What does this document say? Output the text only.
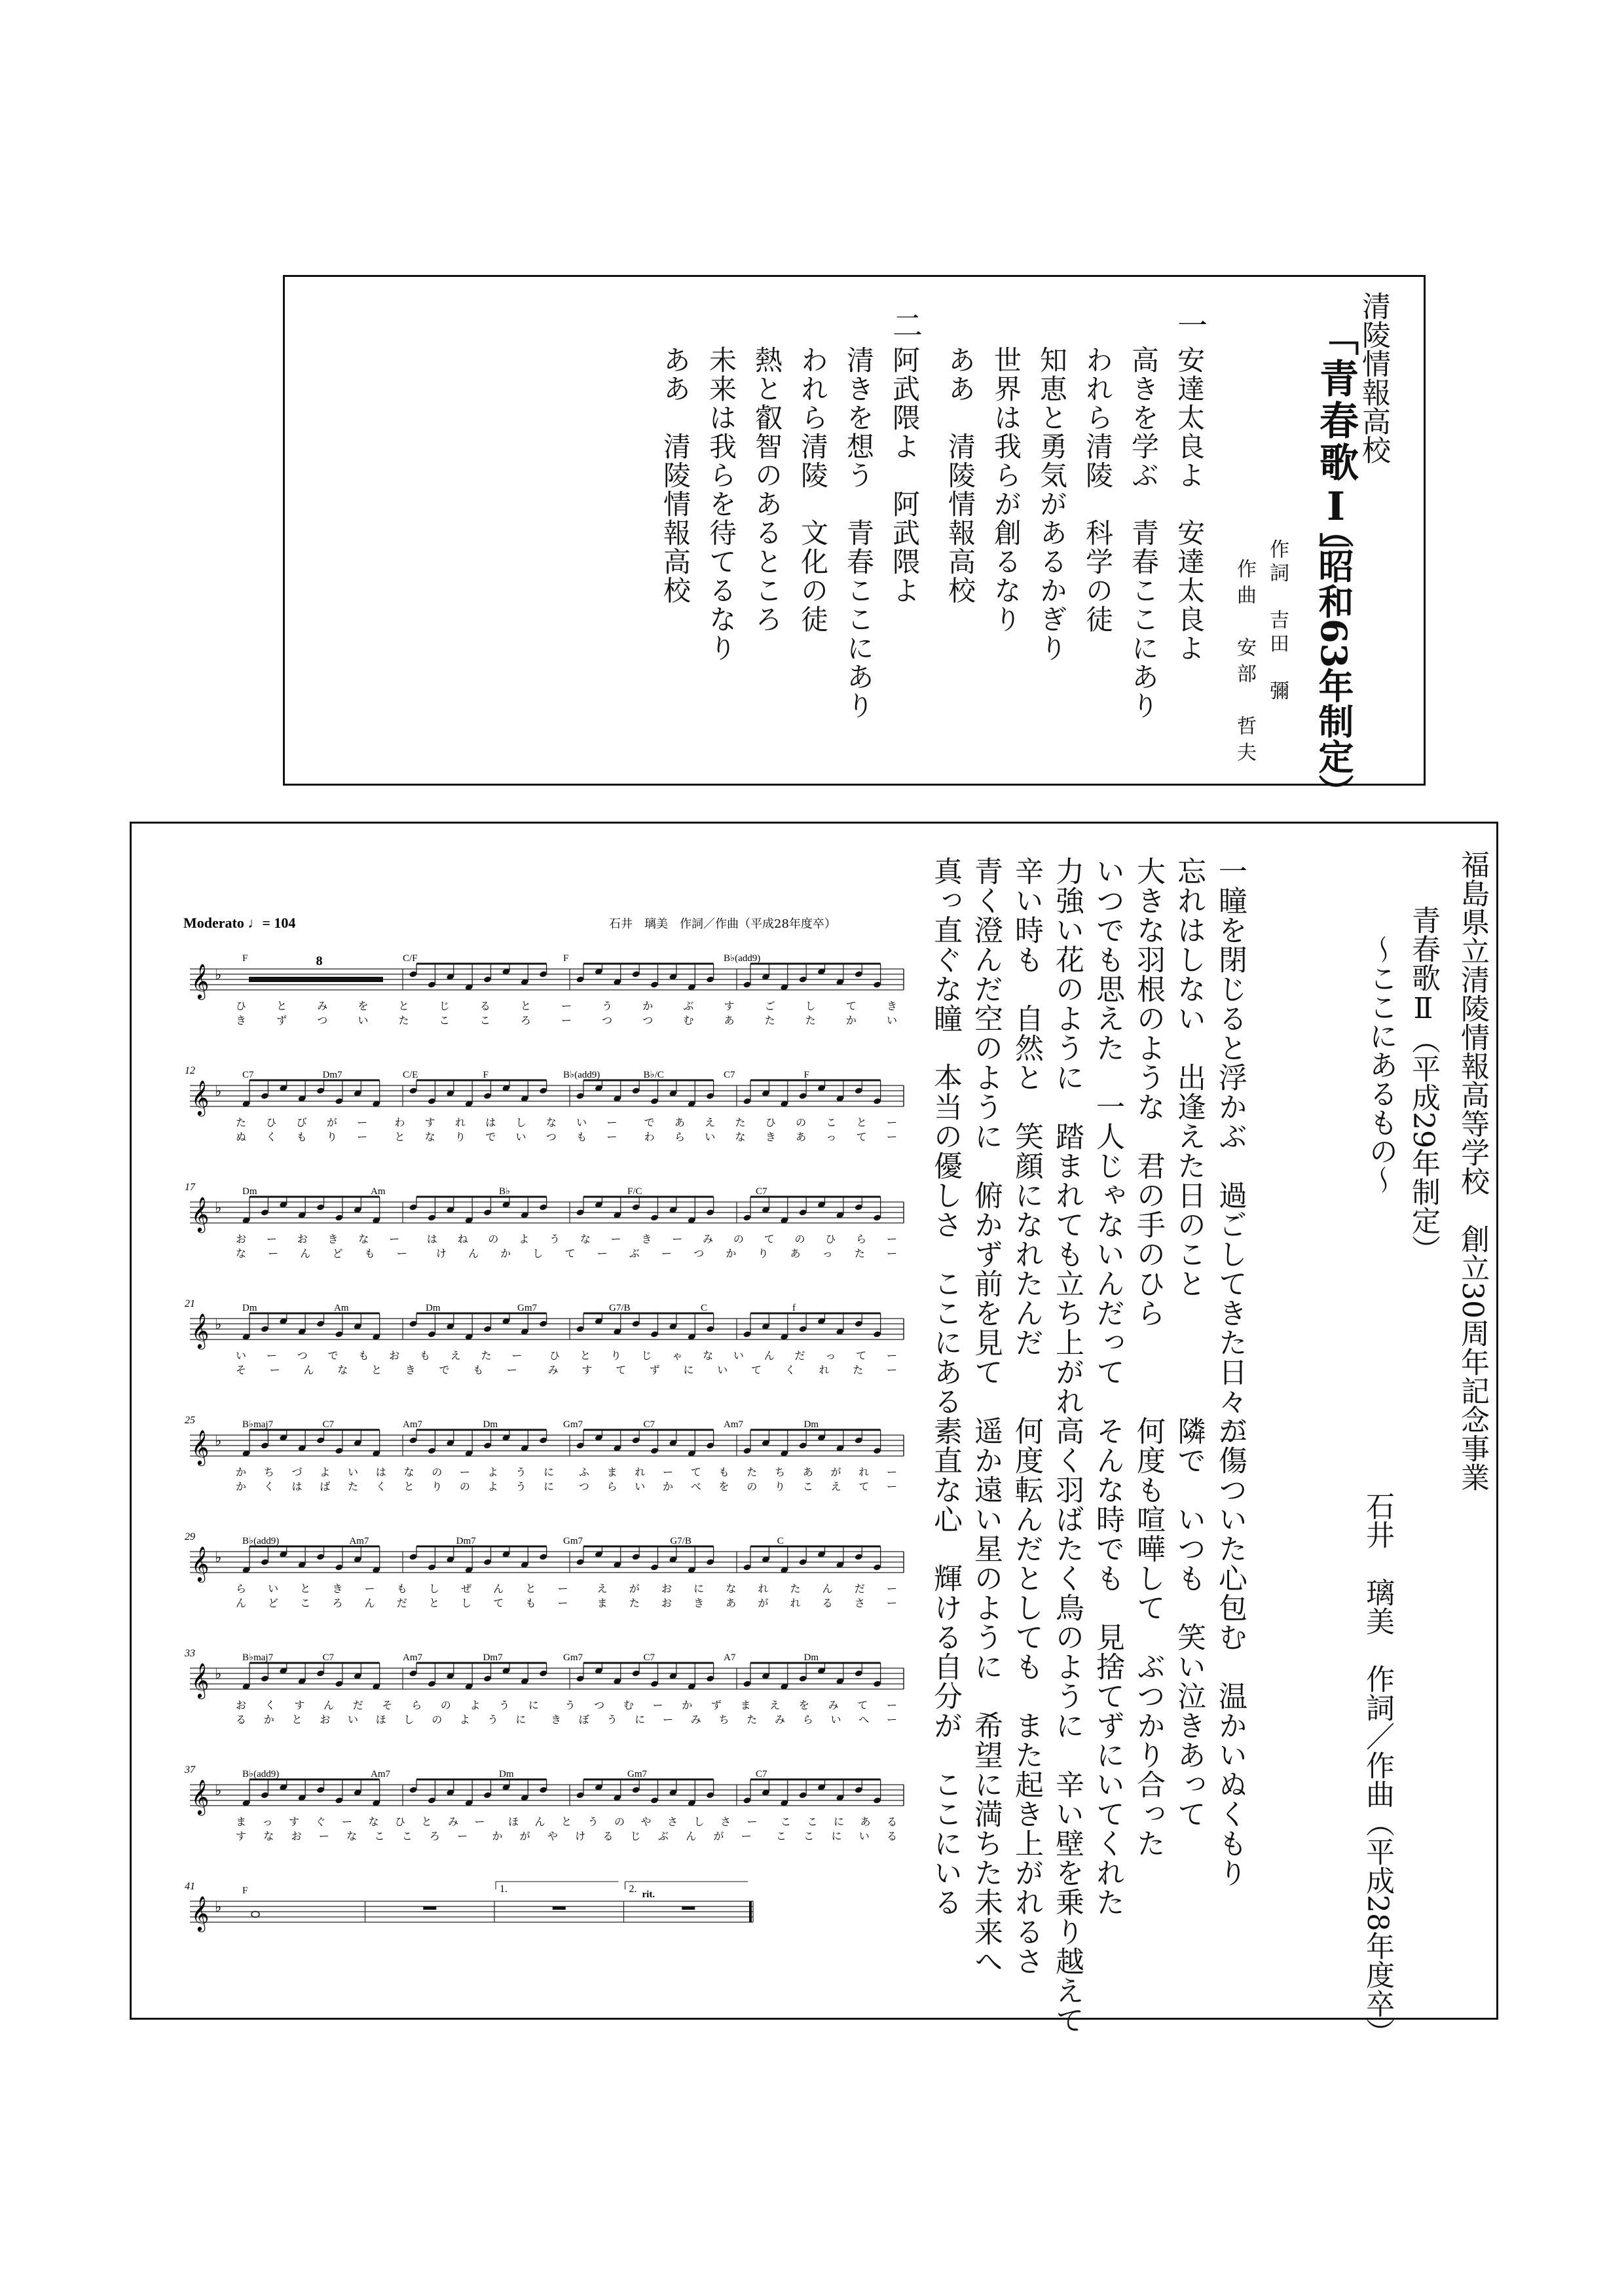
清陵情報高校
「青春歌Ⅰ」
（昭和63年制定）
作詞　吉田　彌
作曲　安部　哲夫
一
安達太良よ　安達太良よ
高きを学ぶ　青春ここにあり
われら清陵　科学の徒
知恵と勇気があるかぎり
世界は我らが創るなり
ああ　清陵情報高校
二
阿武隈よ　阿武隈よ
清きを想う　青春ここにあり
われら清陵　文化の徒
熱と叡智のあるところ
未来は我らを待てるなり
ああ　清陵情報高校
福島県立清陵情報高等学校　創立30周年記念事業
青春歌Ⅱ（平成29年制定）
〜ここにあるもの〜
石井　璃美　作詞／作曲（平成28年度卒）
一瞳を閉じると浮かぶ　過ごしてきた日々が
忘れはしない　出逢えた日のこと
大きな羽根のような　君の手のひら
いつでも思えた　一人じゃないんだって
力強い花のように　踏まれても立ち上がれ
辛い時も　自然と　笑顔になれたんだ
青く澄んだ空のように　俯かず前を見て
真っ直ぐな瞳　本当の優しさ　ここにある
二傷ついた心包む　温かいぬくもり
隣で　いつも　笑い泣きあって
何度も喧嘩して　ぶつかり合った
そんな時でも　見捨てずにいてくれた
高く羽ばたく鳥のように　辛い壁を乗り越えて
何度転んだとしても　また起き上がれるさ
遥か遠い星のように　希望に満ちた未来へ
素直な心　輝ける自分が　ここにいる
Moderato ♩= 104	石井　璃美　作詞／作曲（平成28年度卒）
𝄞 ♭
F	C/F	F	B♭(add9)
8
ひ と み を と じ る と ー う か ぶ す ご し て き
き ず つ い た こ こ ろ ー つ つ む あ た た か い
𝄞 ♭
12	C7	Dm7	C/E	F	B♭(add9)	B♭/C	C7	F
た ひ び が ー　わ す れ は し な い ー　で あ え た ひ の こ と ー
ぬ く も り ー　と な り で い つ も ー　わ ら い な き あ っ て ー
𝄞 ♭
17	Dm	Am	B♭	F/C	C7
お ー お き な ー　は ね の よ う な ー き ー み の て の ひ ら ー
な ー ん ど も ー　け ん か し て ー ぶ ー つ か り あ っ た ー
𝄞 ♭
21	Dm	Am	Dm	Gm7	G7/B	C	f
い ー つ で も お も え た ー　ひ と り じ ゃ な い ん だ っ て ー
そ ー ん な と き で も ー　み す て ず に い て く れ た ー
𝄞 ♭
25	B♭maj7	C7	Am7	Dm	Gm7	C7	Am7	Dm
か ち づ よ い は な の ー よ う に　ふ ま れ ー て も た ち あ が れ ー
か く は ば た く と り の よ う に　つ ら い か べ を の り こ え て ー
𝄞 ♭
29	B♭(add9)	Am7	Dm7	Gm7	G7/B	C
ら い と き ー も し ぜ ん と ー　え が お に な れ た ん だ ー
ん ど こ ろ ん だ と し て も ー　ま た お き あ が れ る さ ー
𝄞 ♭
33	B♭maj7	C7	Am7	Dm7	Gm7	C7	A7	Dm
お く す ん だ そ ら の よ う に　う つ む ー か ず ま え を み て ー
る か と お い ほ し の よ う に　き ぼ う に ー み ち た み ら い へ ー
𝄞 ♭
37	B♭(add9)	Am7	Dm	Gm7	C7
ま っ す ぐ ー な ひ と み ー　ほ ん と う の や さ し さ ー　こ こ に あ る
す な お ー な こ こ ろ ー　か が や け る じ ぶ ん が ー　こ こ に い る
𝄞 ♭
41	F	1.	2. rit.
